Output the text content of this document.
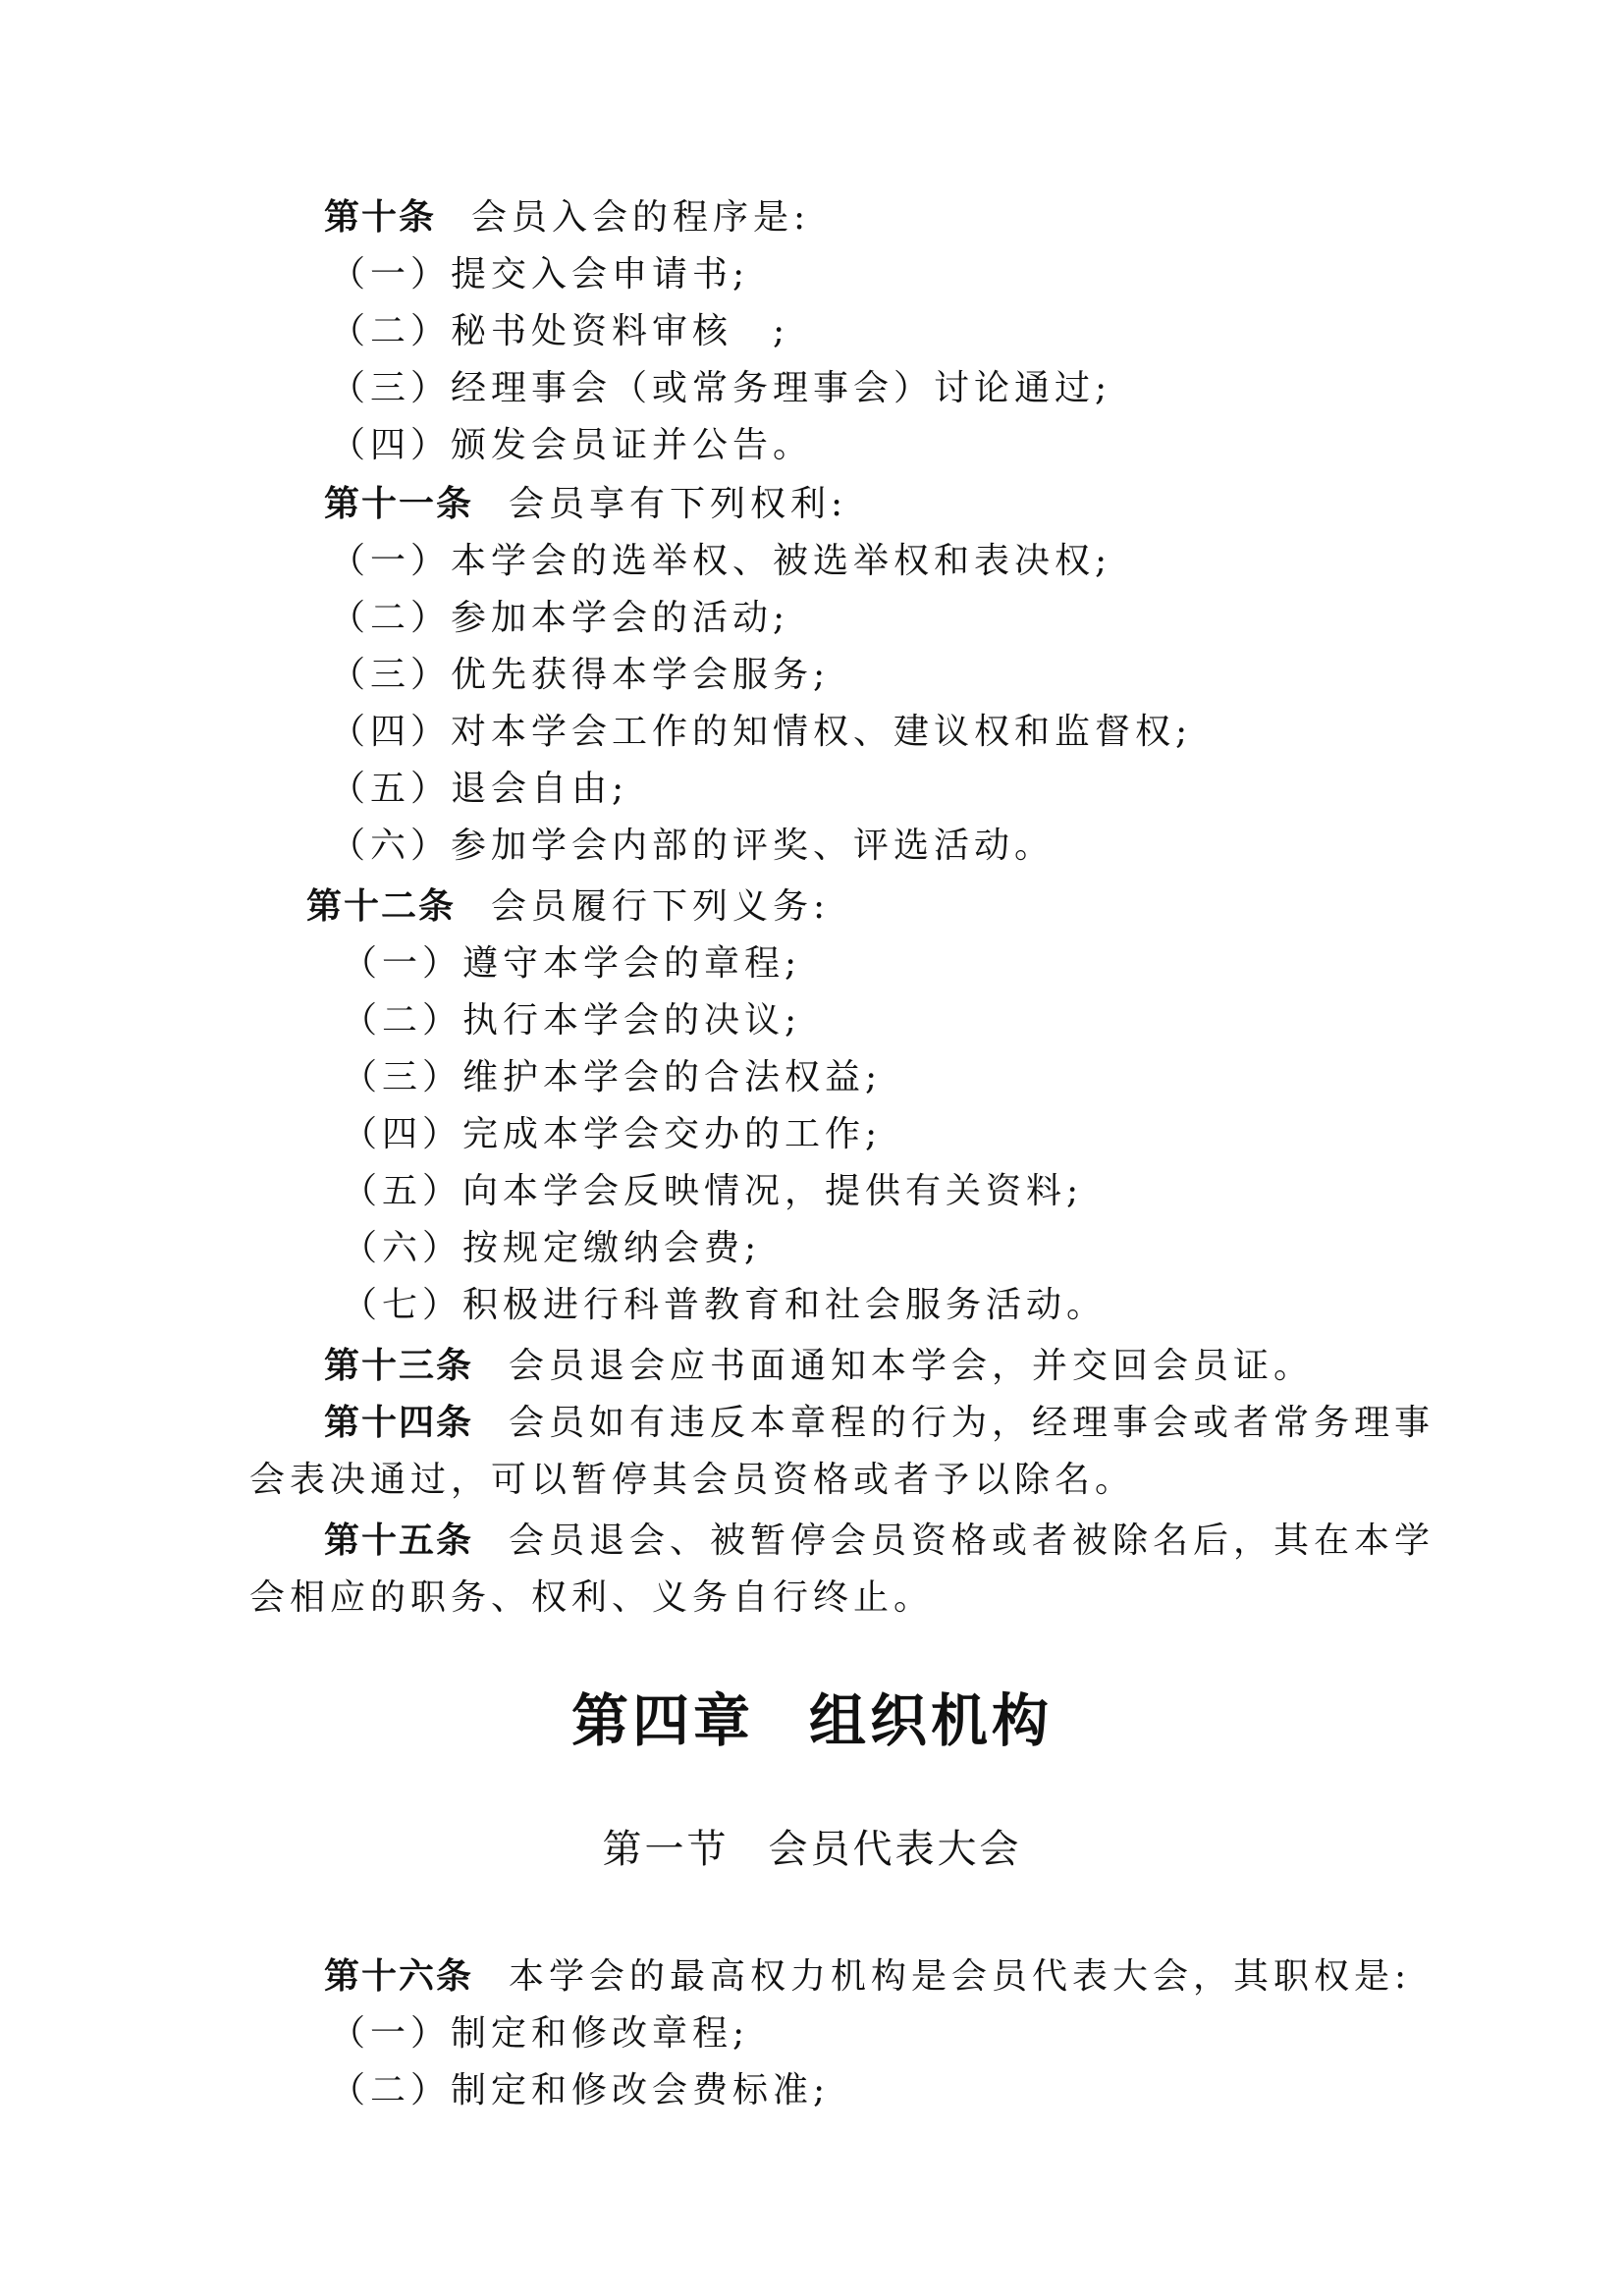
第十条 会员入会的程序是:
（一）提交入会申请书;
（二）秘书处资料审核　;
（三）经理事会（或常务理事会）讨论通过;
（四）颁发会员证并公告。
第十一条 会员享有下列权利:
（一）本学会的选举权、被选举权和表决权;
（二）参加本学会的活动;
（三）优先获得本学会服务;
（四）对本学会工作的知情权、建议权和监督权;
（五）退会自由;
（六）参加学会内部的评奖、评选活动。
第十二条 会员履行下列义务:
（一）遵守本学会的章程;
（二）执行本学会的决议;
（三）维护本学会的合法权益;
（四）完成本学会交办的工作;
（五）向本学会反映情况，提供有关资料;
（六）按规定缴纳会费;
（七）积极进行科普教育和社会服务活动。
第十三条 会员退会应书面通知本学会，并交回会员证。
第十四条 会员如有违反本章程的行为，经理事会或者常务理事
会表决通过，可以暂停其会员资格或者予以除名。
第十五条 会员退会、被暂停会员资格或者被除名后，其在本学
会相应的职务、权利、义务自行终止。
第四章 组织机构
第一节 会员代表大会
第十六条 本学会的最高权力机构是会员代表大会，其职权是:
（一）制定和修改章程;
（二）制定和修改会费标准;
